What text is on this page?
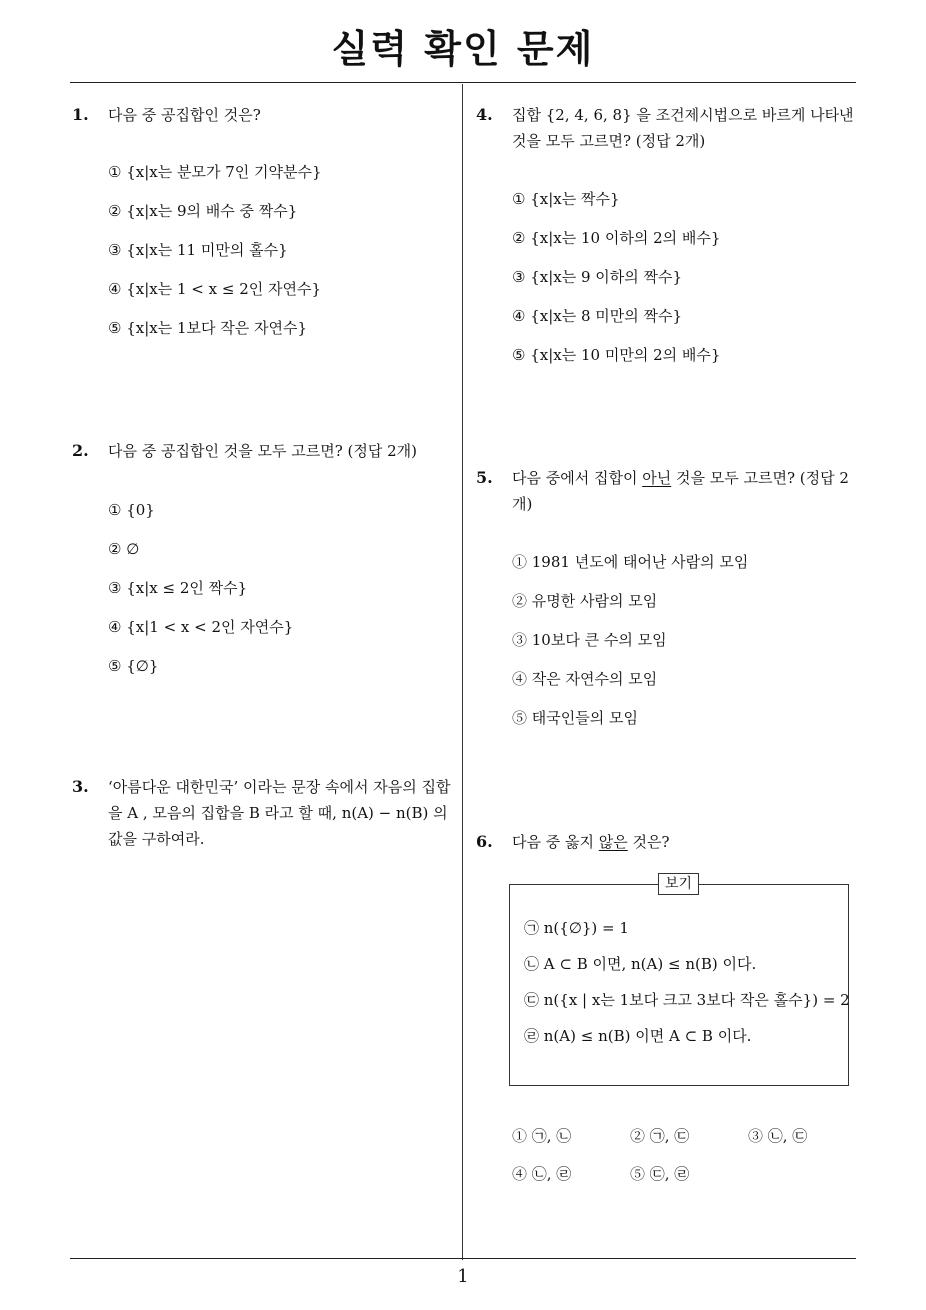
실력 확인 문제
1. 다음 중 공집합인 것은?
① {x|x는 분모가 7인 기약분수}
② {x|x는 9의 배수 중 짝수}
③ {x|x는 11 미만의 홀수}
④ {x|x는 1 < x ≤ 2인 자연수}
⑤ {x|x는 1보다 작은 자연수}
2. 다음 중 공집합인 것을 모두 고르면? (정답 2개)
① {0}
② ∅
③ {x|x ≤ 2인 짝수}
④ {x|1 < x < 2인 자연수}
⑤ {∅}
3. ‘아름다운 대한민국’ 이라는 문장 속에서 자음의 집합을 A , 모음의 집합을 B 라고 할 때, n(A) − n(B) 의 값을 구하여라.
4. 집합 {2, 4, 6, 8} 을 조건제시법으로 바르게 나타낸 것을 모두 고르면? (정답 2개)
① {x|x는 짝수}
② {x|x는 10 이하의 2의 배수}
③ {x|x는 9 이하의 짝수}
④ {x|x는 8 미만의 짝수}
⑤ {x|x는 10 미만의 2의 배수}
5. 다음 중에서 집합이 아닌 것을 모두 고르면? (정답 2 개)
① 1981 년도에 태어난 사람의 모임
② 유명한 사람의 모임
③ 10보다 큰 수의 모임
④ 작은 자연수의 모임
⑤ 태국인들의 모임
6. 다음 중 옳지 않은 것은?
보기
㉠ n({∅}) = 1
㉡ A ⊂ B 이면, n(A) ≤ n(B) 이다.
㉢ n({x | x는 1보다 크고 3보다 작은 홀수}) = 2
㉣ n(A) ≤ n(B) 이면 A ⊂ B 이다.
① ㉠, ㉡	② ㉠, ㉢	③ ㉡, ㉢
④ ㉡, ㉣	⑤ ㉢, ㉣
1
